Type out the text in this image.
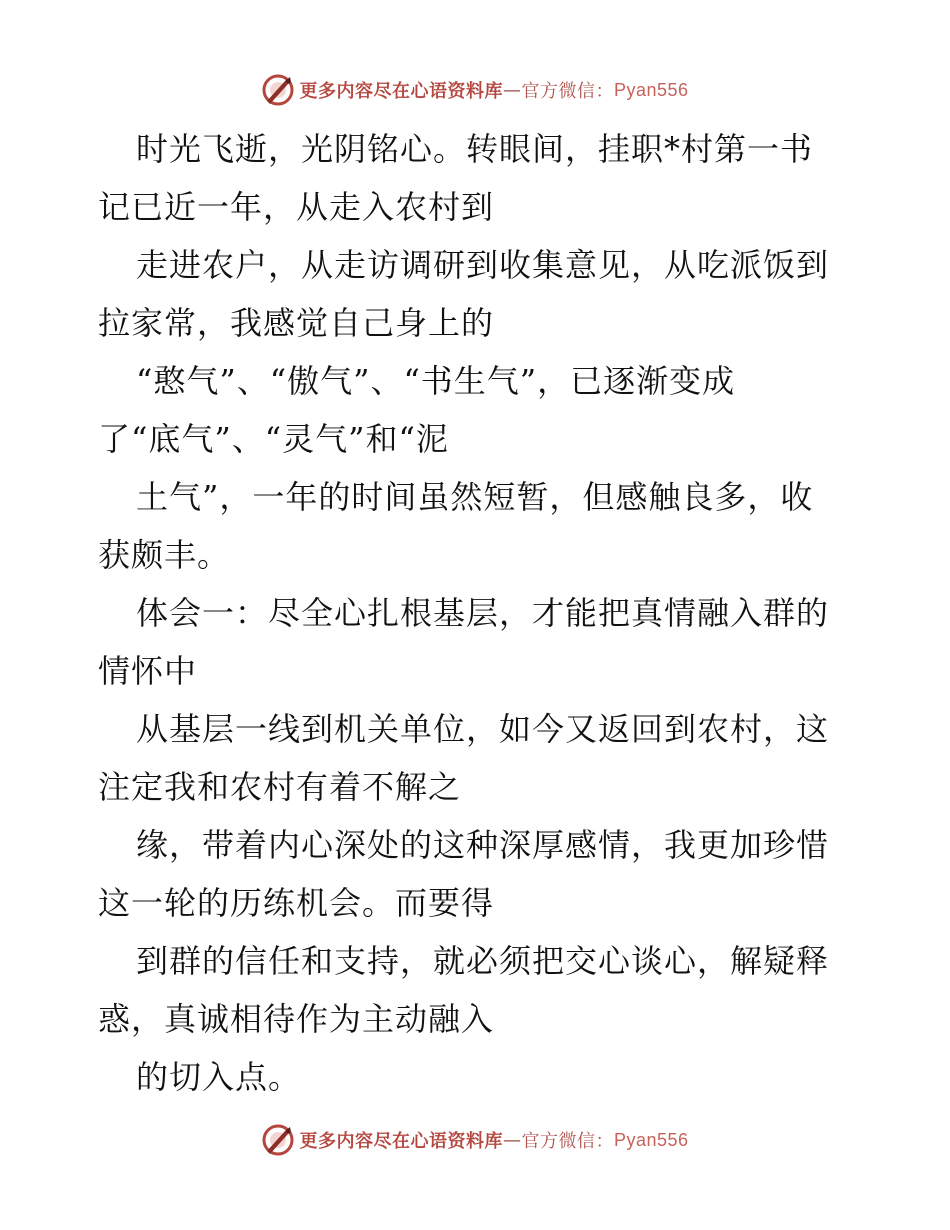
更多内容尽在心语资料库 — 官方微信： Pyan556
时光飞逝，光阴铭心。转眼间，挂职*村第一书
记已近一年，从走入农村到
走进农户，从走访调研到收集意见，从吃派饭到
拉家常，我感觉自己身上的
“憨气”、“傲气”、“书生气”，已逐渐变成
了“底气”、“灵气”和“泥
土气”，一年的时间虽然短暂，但感触良多，收
获颇丰。
体会一：尽全心扎根基层，才能把真情融入群的
情怀中
从基层一线到机关单位，如今又返回到农村，这
注定我和农村有着不解之
缘，带着内心深处的这种深厚感情，我更加珍惜
这一轮的历练机会。而要得
到群的信任和支持，就必须把交心谈心，解疑释
惑，真诚相待作为主动融入
的切入点。
更多内容尽在心语资料库 — 官方微信： Pyan556
